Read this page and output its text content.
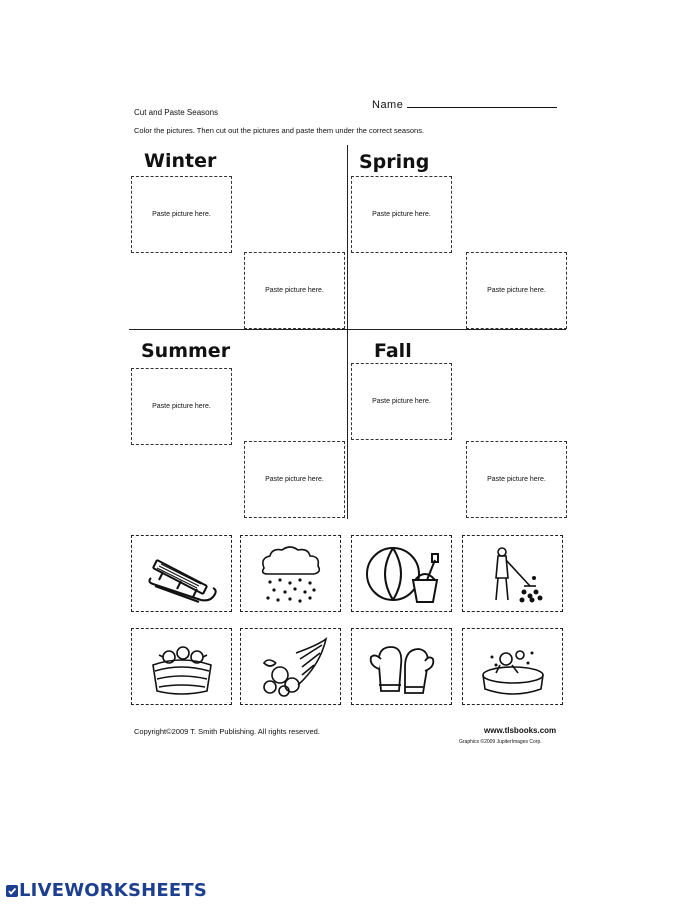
Cut and Paste Seasons
Name
Color the pictures. Then cut out the pictures and paste them under the correct seasons.
Winter	Spring
Summer	Fall
Paste picture here.
Paste picture here.
Paste picture here.
Paste picture here.
Paste picture here.
Paste picture here.
Paste picture here.
Paste picture here.
Copyright©2009 T. Smith Publishing. All rights reserved.	www.tlsbooks.com
Graphics ©2009 JupiterImages Corp.
LIVEWORKSHEETS
